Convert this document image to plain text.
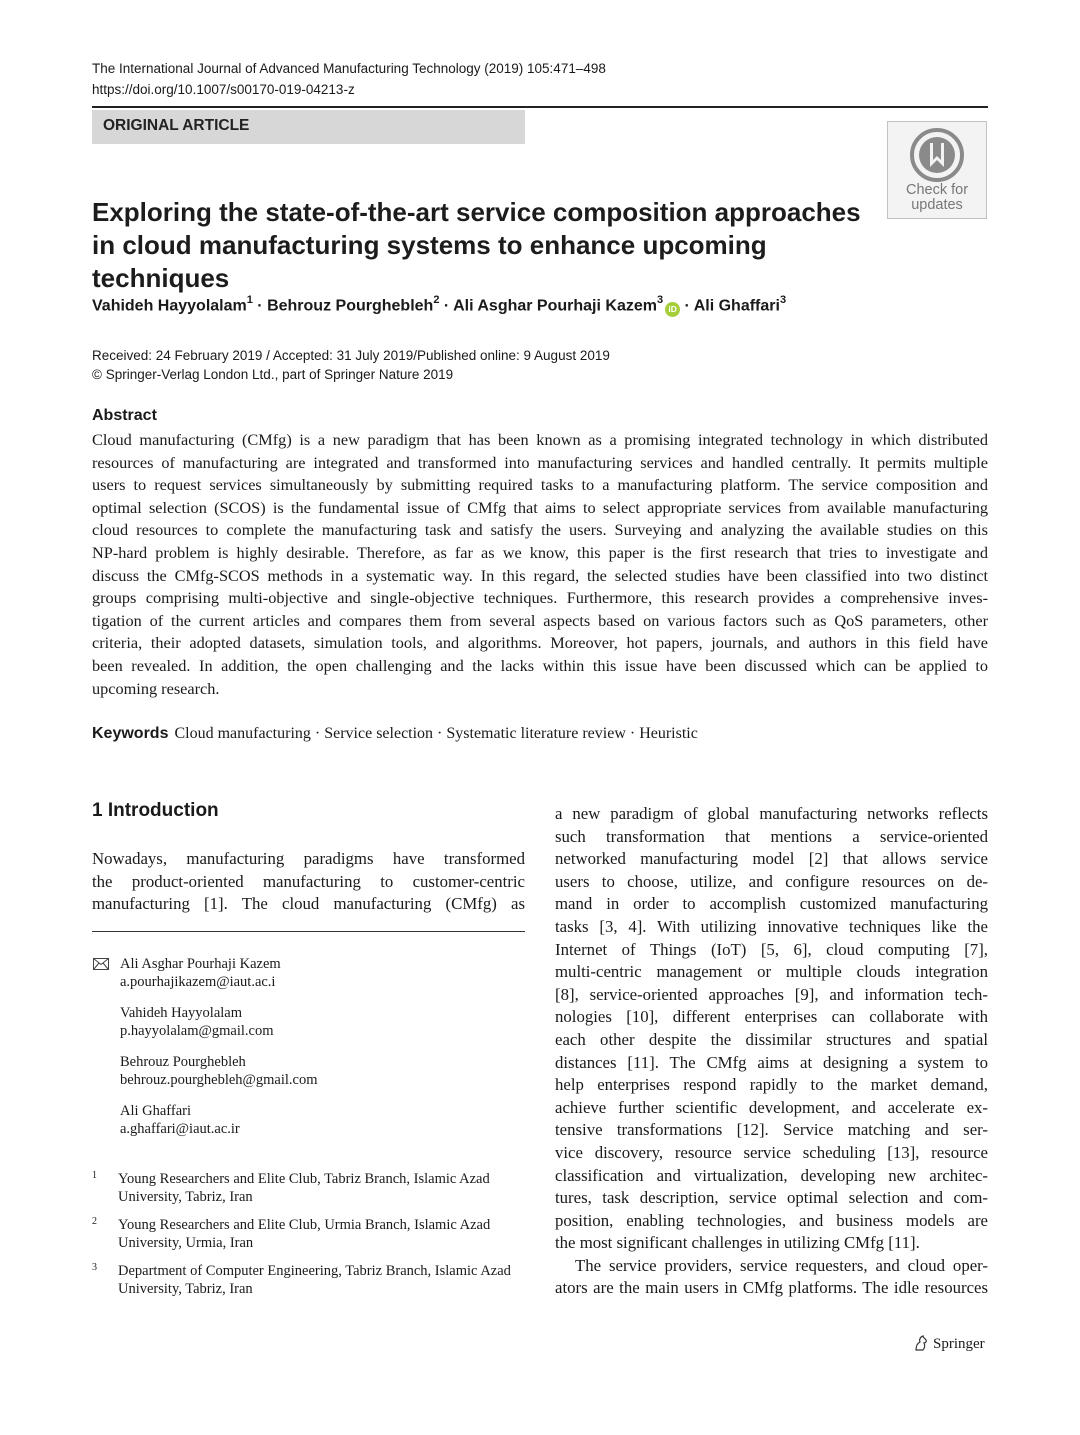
The International Journal of Advanced Manufacturing Technology (2019) 105:471–498
https://doi.org/10.1007/s00170-019-04213-z
ORIGINAL ARTICLE
Check for
updates
Exploring the state-of-the-art service composition approaches
in cloud manufacturing systems to enhance upcoming techniques
Vahideh Hayyolalam$^1$ · Behrouz Pourghebleh$^2$ · Ali Asghar Pourhaji Kazem$^3$iD · Ali Ghaffari$^3$
Received: 24 February 2019 / Accepted: 31 July 2019/Published online: 9 August 2019
© Springer-Verlag London Ltd., part of Springer Nature 2019
Abstract
Cloud manufacturing (CMfg) is a new paradigm that has been known as a promising integrated technology in which distributed
resources of manufacturing are integrated and transformed into manufacturing services and handled centrally. It permits multiple
users to request services simultaneously by submitting required tasks to a manufacturing platform. The service composition and
optimal selection (SCOS) is the fundamental issue of CMfg that aims to select appropriate services from available manufacturing
cloud resources to complete the manufacturing task and satisfy the users. Surveying and analyzing the available studies on this
NP-hard problem is highly desirable. Therefore, as far as we know, this paper is the first research that tries to investigate and
discuss the CMfg-SCOS methods in a systematic way. In this regard, the selected studies have been classified into two distinct
groups comprising multi-objective and single-objective techniques. Furthermore, this research provides a comprehensive inves-
tigation of the current articles and compares them from several aspects based on various factors such as QoS parameters, other
criteria, their adopted datasets, simulation tools, and algorithms. Moreover, hot papers, journals, and authors in this field have
been revealed. In addition, the open challenging and the lacks within this issue have been discussed which can be applied to
upcoming research.
Keywords Cloud manufacturing · Service selection · Systematic literature review · Heuristic
1 Introduction
Nowadays, manufacturing paradigms have transformed
the product-oriented manufacturing to customer-centric
manufacturing [1]. The cloud manufacturing (CMfg) as
Ali Asghar Pourhaji Kazem
a.pourhajikazem@iaut.ac.i
Vahideh Hayyolalam
p.hayyolalam@gmail.com
Behrouz Pourghebleh
behrouz.pourghebleh@gmail.com
Ali Ghaffari
a.ghaffari@iaut.ac.ir
1 Young Researchers and Elite Club, Tabriz Branch, Islamic Azad
University, Tabriz, Iran
2 Young Researchers and Elite Club, Urmia Branch, Islamic Azad
University, Urmia, Iran
3 Department of Computer Engineering, Tabriz Branch, Islamic Azad
University, Tabriz, Iran
a new paradigm of global manufacturing networks reflects
such transformation that mentions a service-oriented
networked manufacturing model [2] that allows service
users to choose, utilize, and configure resources on de-
mand in order to accomplish customized manufacturing
tasks [3, 4]. With utilizing innovative techniques like the
Internet of Things (IoT) [5, 6], cloud computing [7],
multi-centric management or multiple clouds integration
[8], service-oriented approaches [9], and information tech-
nologies [10], different enterprises can collaborate with
each other despite the dissimilar structures and spatial
distances [11]. The CMfg aims at designing a system to
help enterprises respond rapidly to the market demand,
achieve further scientific development, and accelerate ex-
tensive transformations [12]. Service matching and ser-
vice discovery, resource service scheduling [13], resource
classification and virtualization, developing new architec-
tures, task description, service optimal selection and com-
position, enabling technologies, and business models are
the most significant challenges in utilizing CMfg [11].
The service providers, service requesters, and cloud oper-
ators are the main users in CMfg platforms. The idle resources
Springer
